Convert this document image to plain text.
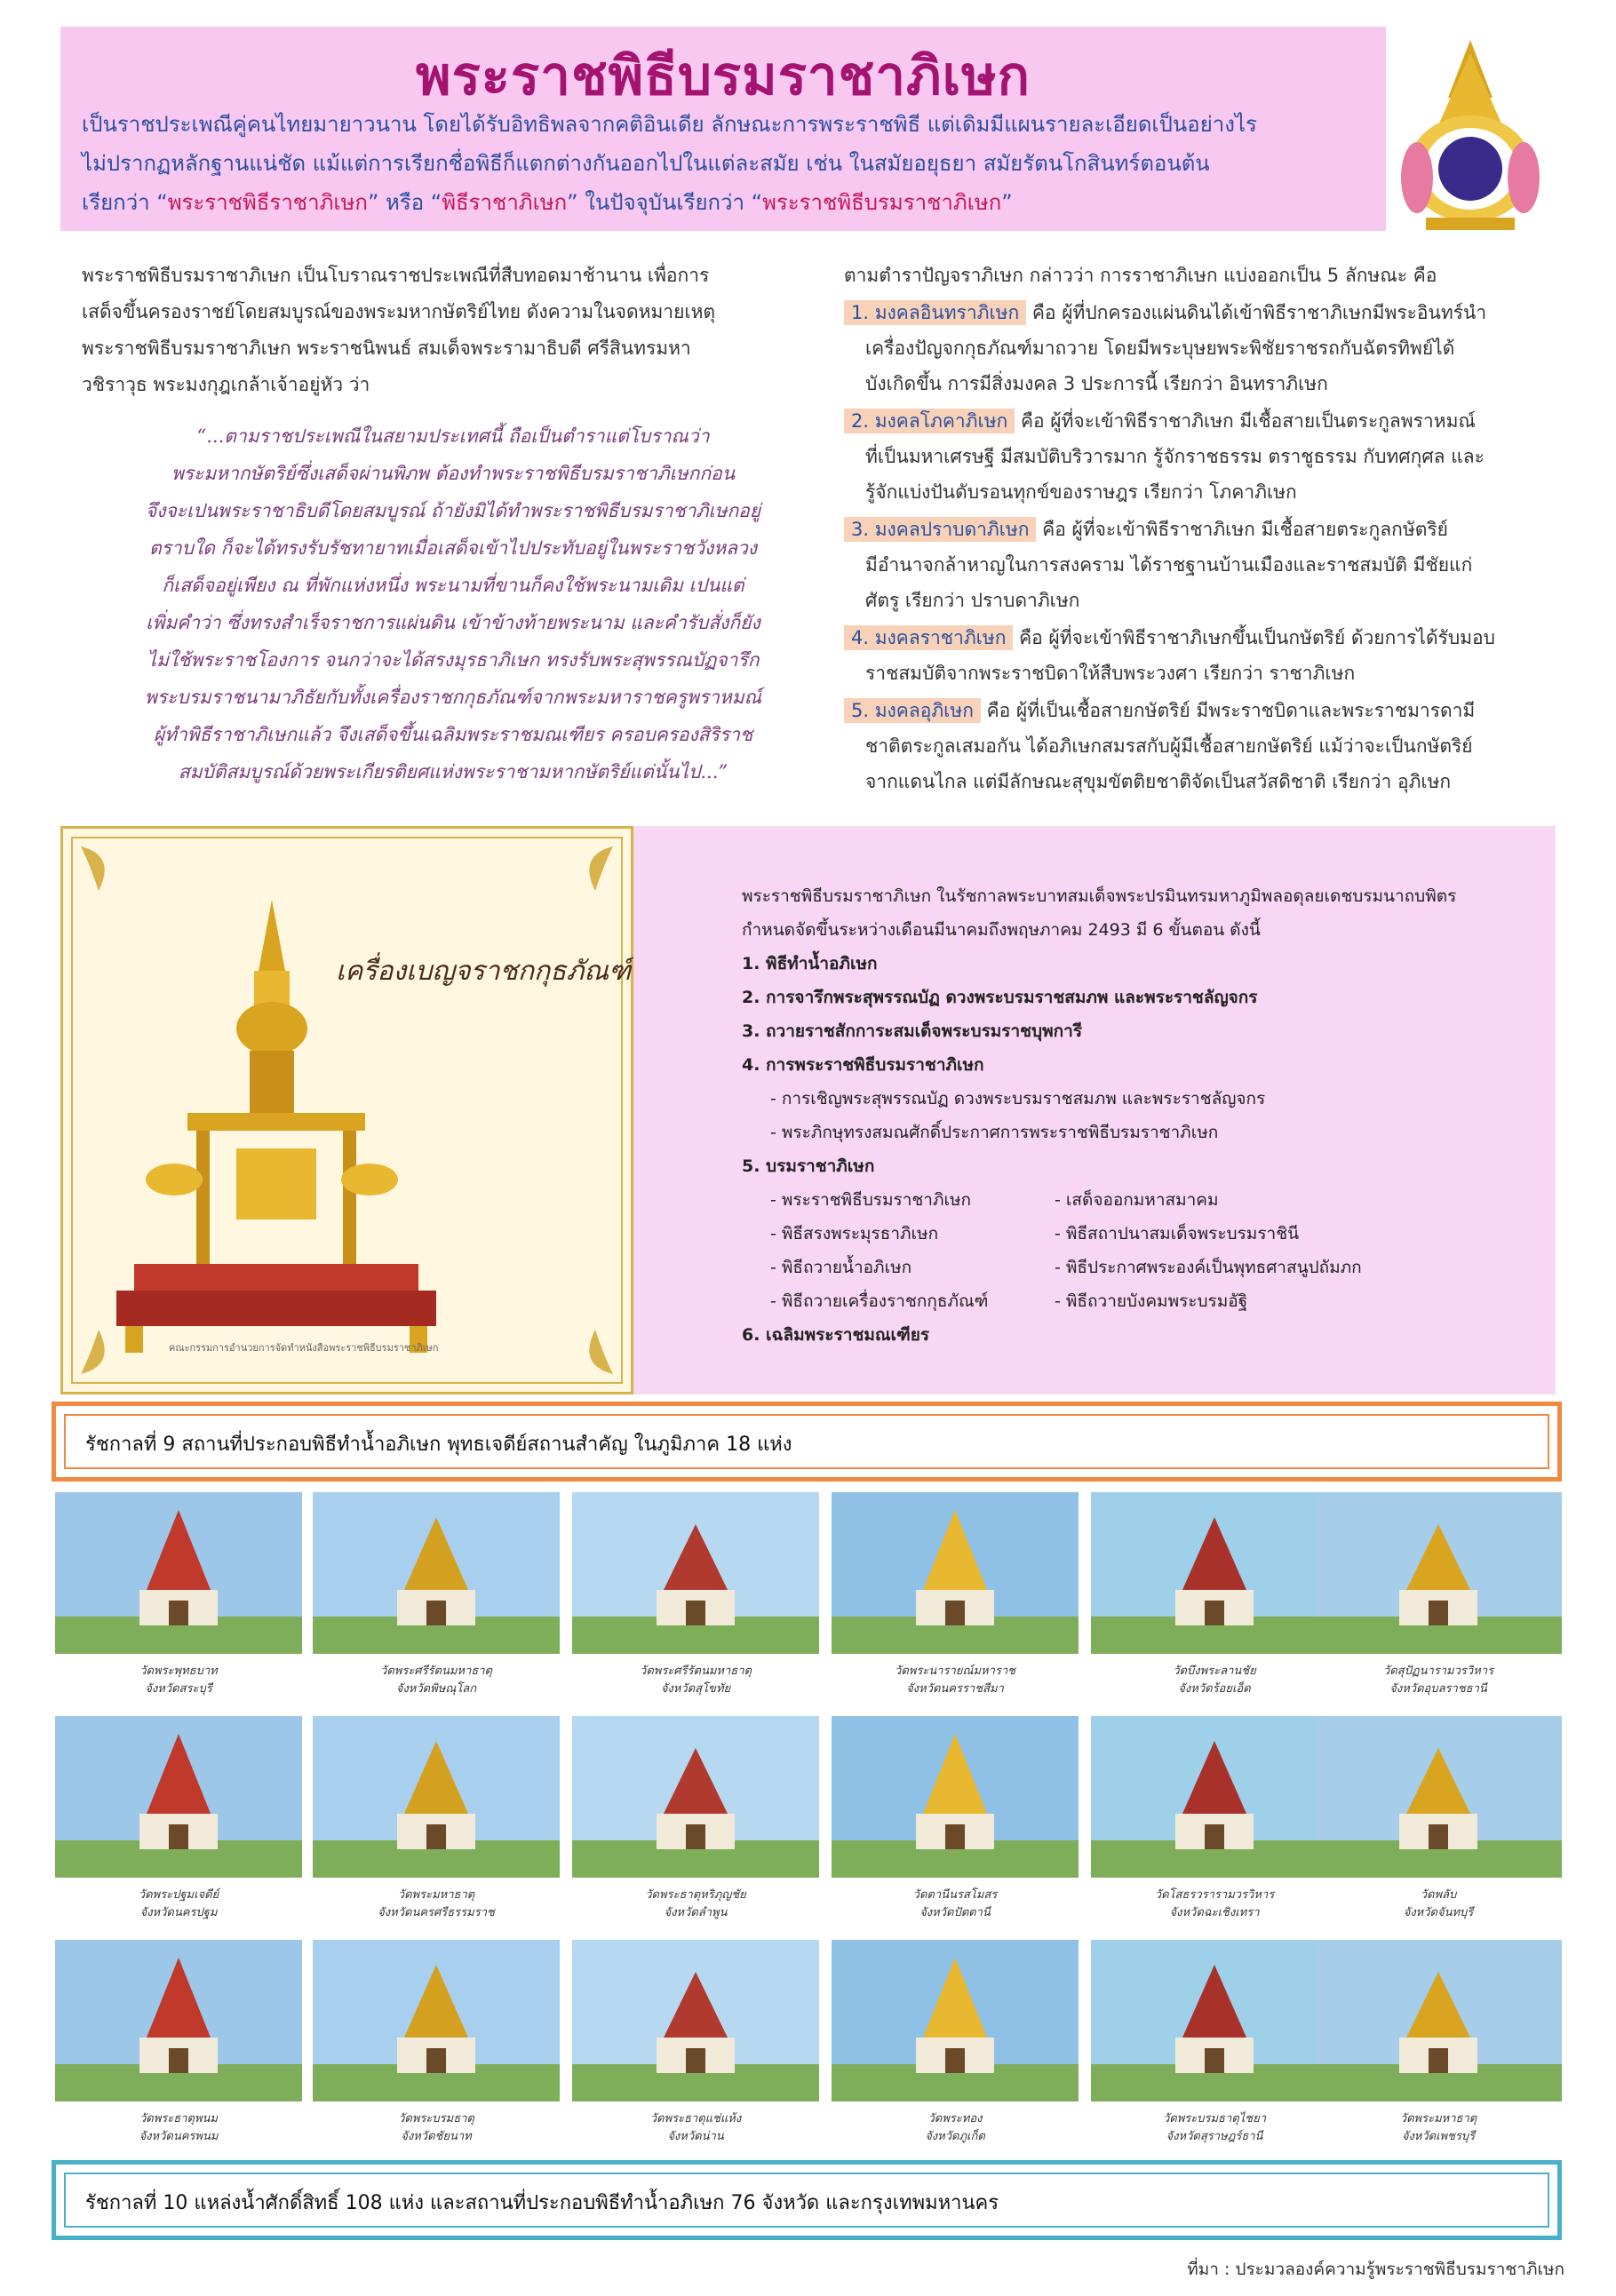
พระราชพิธีบรมราชาภิเษก
เป็นราชประเพณีคู่คนไทยมายาวนาน โดยได้รับอิทธิพลจากคติอินเดีย ลักษณะการพระราชพิธี แต่เดิมมีแผนรายละเอียดเป็นอย่างไร
ไม่ปรากฏหลักฐานแน่ชัด แม้แต่การเรียกชื่อพิธีก็แตกต่างกันออกไปในแต่ละสมัย เช่น ในสมัยอยุธยา สมัยรัตนโกสินทร์ตอนต้น
เรียกว่า “พระราชพิธีราชาภิเษก” หรือ “พิธีราชาภิเษก” ในปัจจุบันเรียกว่า “พระราชพิธีบรมราชาภิเษก”
พระราชพิธีบรมราชาภิเษก เป็นโบราณราชประเพณีที่สืบทอดมาช้านาน เพื่อการ
เสด็จขึ้นครองราชย์โดยสมบูรณ์ของพระมหากษัตริย์ไทย ดังความในจดหมายเหตุ
พระราชพิธีบรมราชาภิเษก พระราชนิพนธ์ สมเด็จพระรามาธิบดี ศรีสินทรมหา
วชิราวุธ พระมงกุฎเกล้าเจ้าอยู่หัว ว่า
“...ตามราชประเพณีในสยามประเทศนี้ ถือเป็นตำราแต่โบราณว่า
พระมหากษัตริย์ซึ่งเสด็จผ่านพิภพ ต้องทำพระราชพิธีบรมราชาภิเษกก่อน
จึงจะเปนพระราชาธิบดีโดยสมบูรณ์ ถ้ายังมิได้ทำพระราชพิธีบรมราชาภิเษกอยู่
ตราบใด ก็จะได้ทรงรับรัชทายาทเมื่อเสด็จเข้าไปประทับอยู่ในพระราชวังหลวง
ก็เสด็จอยู่เพียง ณ ที่พักแห่งหนึ่ง พระนามที่ขานก็คงใช้พระนามเดิม เปนแต่
เพิ่มคำว่า ซึ่งทรงสำเร็จราชการแผ่นดิน เข้าข้างท้ายพระนาม และคำรับสั่งก็ยัง
ไม่ใช้พระราชโองการ จนกว่าจะได้สรงมุรธาภิเษก ทรงรับพระสุพรรณบัฏจารึก
พระบรมราชนามาภิธัยกับทั้งเครื่องราชกกุธภัณฑ์จากพระมหาราชครูพราหมณ์
ผู้ทำพิธีราชาภิเษกแล้ว จึงเสด็จขึ้นเฉลิมพระราชมณเฑียร ครอบครองสิริราช
สมบัติสมบูรณ์ด้วยพระเกียรติยศแห่งพระราชามหากษัตริย์แต่นั้นไป...”
ตามตำราปัญจราภิเษก กล่าวว่า การราชาภิเษก แบ่งออกเป็น 5 ลักษณะ คือ
1. มงคลอินทราภิเษก คือ ผู้ที่ปกครองแผ่นดินได้เข้าพิธีราชาภิเษกมีพระอินทร์นำ
เครื่องปัญจกกุธภัณฑ์มาถวาย โดยมีพระบุษยพระพิชัยราชรถกับฉัตรทิพย์ได้
บังเกิดขึ้น การมีสิ่งมงคล 3 ประการนี้ เรียกว่า อินทราภิเษก
2. มงคลโภคาภิเษก คือ ผู้ที่จะเข้าพิธีราชาภิเษก มีเชื้อสายเป็นตระกูลพราหมณ์
ที่เป็นมหาเศรษฐี มีสมบัติบริวารมาก รู้จักราชธรรม ตราชูธรรม กับทศกุศล และ
รู้จักแบ่งปันดับรอนทุกข์ของราษฎร เรียกว่า โภคาภิเษก
3. มงคลปราบดาภิเษก คือ ผู้ที่จะเข้าพิธีราชาภิเษก มีเชื้อสายตระกูลกษัตริย์
มีอำนาจกล้าหาญในการสงคราม ได้ราชฐานบ้านเมืองและราชสมบัติ มีชัยแก่
ศัตรู เรียกว่า ปราบดาภิเษก
4. มงคลราชาภิเษก คือ ผู้ที่จะเข้าพิธีราชาภิเษกขึ้นเป็นกษัตริย์ ด้วยการได้รับมอบ
ราชสมบัติจากพระราชบิดาให้สืบพระวงศา เรียกว่า ราชาภิเษก
5. มงคลอุภิเษก คือ ผู้ที่เป็นเชื้อสายกษัตริย์ มีพระราชบิดาและพระราชมารดามี
ชาติตระกูลเสมอกัน ได้อภิเษกสมรสกับผู้มีเชื้อสายกษัตริย์ แม้ว่าจะเป็นกษัตริย์
จากแดนไกล แต่มีลักษณะสุขุมขัตติยชาติจัดเป็นสวัสดิชาติ เรียกว่า อุภิเษก
เครื่องเบญจราชกกุธภัณฑ์
คณะกรรมการอำนวยการจัดทำหนังสือพระราชพิธีบรมราชาภิเษก
พระราชพิธีบรมราชาภิเษก ในรัชกาลพระบาทสมเด็จพระปรมินทรมหาภูมิพลอดุลยเดชบรมนาถบพิตร
กำหนดจัดขึ้นระหว่างเดือนมีนาคมถึงพฤษภาคม 2493 มี 6 ขั้นตอน ดังนี้
1. พิธีทำน้ำอภิเษก
2. การจารึกพระสุพรรณบัฏ ดวงพระบรมราชสมภพ และพระราชลัญจกร
3. ถวายราชสักการะสมเด็จพระบรมราชบุพการี
4. การพระราชพิธีบรมราชาภิเษก
- การเชิญพระสุพรรณบัฏ ดวงพระบรมราชสมภพ และพระราชลัญจกร
- พระภิกษุทรงสมณศักดิ์ประกาศการพระราชพิธีบรมราชาภิเษก
5. บรมราชาภิเษก
- พระราชพิธีบรมราชาภิเษก	- เสด็จออกมหาสมาคม
- พิธีสรงพระมุรธาภิเษก	- พิธีสถาปนาสมเด็จพระบรมราชินี
- พิธีถวายน้ำอภิเษก	- พิธีประกาศพระองค์เป็นพุทธศาสนูปถัมภก
- พิธีถวายเครื่องราชกกุธภัณฑ์	- พิธีถวายบังคมพระบรมอัฐิ
6. เฉลิมพระราชมณเฑียร
รัชกาลที่ 9 สถานที่ประกอบพิธีทำน้ำอภิเษก พุทธเจดีย์สถานสำคัญ ในภูมิภาค 18 แห่ง
วัดพระพุทธบาท
จังหวัดสระบุรี
วัดพระศรีรัตนมหาธาตุ
จังหวัดพิษณุโลก
วัดพระศรีรัตนมหาธาตุ
จังหวัดสุโขทัย
วัดพระนารายณ์มหาราช
จังหวัดนครราชสีมา
วัดบึงพระลานชัย
จังหวัดร้อยเอ็ด
วัดสุปัฏนารามวรวิหาร
จังหวัดอุบลราชธานี
วัดพระปฐมเจดีย์
จังหวัดนครปฐม
วัดพระมหาธาตุ
จังหวัดนครศรีธรรมราช
วัดพระธาตุหริภุญชัย
จังหวัดลำพูน
วัดตานีนรสโมสร
จังหวัดปัตตานี
วัดโสธรวรารามวรวิหาร
จังหวัดฉะเชิงเทรา
วัดพลับ
จังหวัดจันทบุรี
วัดพระธาตุพนม
จังหวัดนครพนม
วัดพระบรมธาตุ
จังหวัดชัยนาท
วัดพระธาตุแช่แห้ง
จังหวัดน่าน
วัดพระทอง
จังหวัดภูเก็ต
วัดพระบรมธาตุไชยา
จังหวัดสุราษฎร์ธานี
วัดพระมหาธาตุ
จังหวัดเพชรบุรี
รัชกาลที่ 10 แหล่งน้ำศักดิ์สิทธิ์ 108 แห่ง และสถานที่ประกอบพิธีทำน้ำอภิเษก 76 จังหวัด และกรุงเทพมหานคร
ที่มา : ประมวลองค์ความรู้พระราชพิธีบรมราชาภิเษก
